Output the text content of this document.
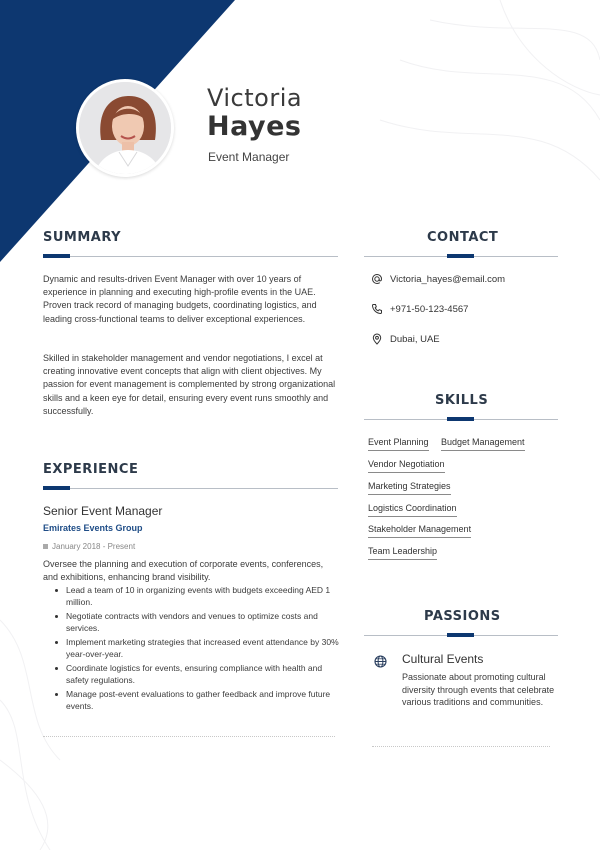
Victoria
Hayes
Event Manager
SUMMARY

Dynamic and results-driven Event Manager with over 10 years of experience in planning and executing high-profile events in the UAE. Proven track record of managing budgets, coordinating logistics, and leading cross-functional teams to deliver exceptional experiences.

Skilled in stakeholder management and vendor negotiations, I excel at creating innovative event concepts that align with client objectives. My passion for event management is complemented by strong organizational skills and a keen eye for detail, ensuring every event runs smoothly and successfully.

EXPERIENCE
Senior Event Manager
Emirates Events Group
January 2018 - Present
Oversee the planning and execution of corporate events, conferences, and exhibitions, enhancing brand visibility.
Lead a team of 10 in organizing events with budgets exceeding AED 1 million.
Negotiate contracts with vendors and venues to optimize costs and services.
Implement marketing strategies that increased event attendance by 30% year-over-year.
Coordinate logistics for events, ensuring compliance with health and safety regulations.
Manage post-event evaluations to gather feedback and improve future events.
CONTACT
Victoria_hayes@email.com
+971-50-123-4567
Dubai, UAE
SKILLS
Event Planning Budget Management
Vendor Negotiation
Marketing Strategies
Logistics Coordination
Stakeholder Management
Team Leadership
PASSIONS
Cultural Events
Passionate about promoting cultural diversity through events that celebrate various traditions and communities.
